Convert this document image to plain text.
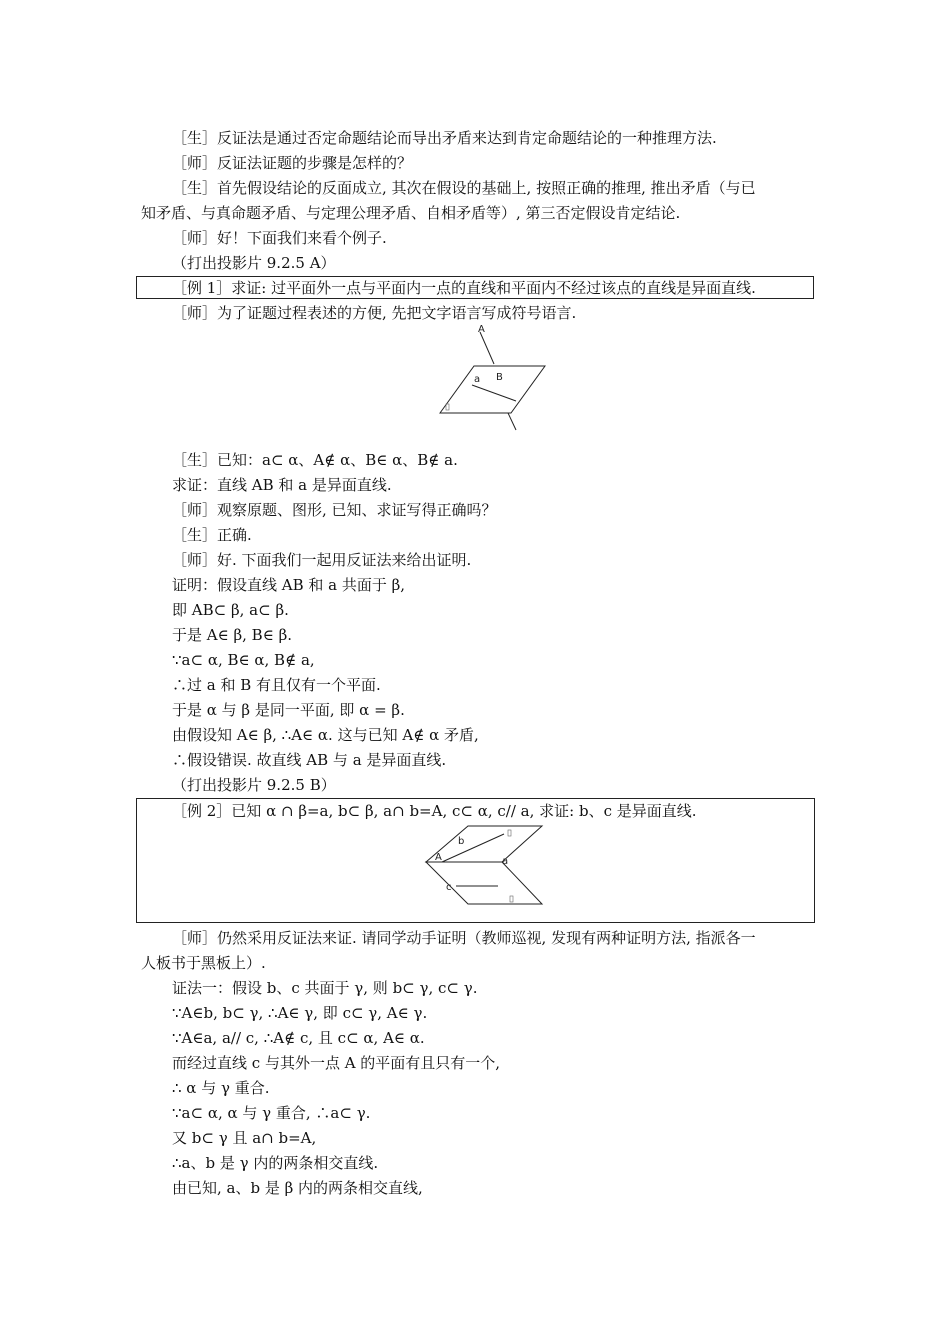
［生］反证法是通过否定命题结论而导出矛盾来达到肯定命题结论的一种推理方法.
［师］反证法证题的步骤是怎样的？
［生］首先假设结论的反面成立, 其次在假设的基础上, 按照正确的推理, 推出矛盾（与已
知矛盾、与真命题矛盾、与定理公理矛盾、自相矛盾等）, 第三否定假设肯定结论.
［师］好！下面我们来看个例子.
（打出投影片 9.2.5 A）
［例 1］求证: 过平面外一点与平面内一点的直线和平面内不经过该点的直线是异面直线.
［师］为了证题过程表述的方便, 先把文字语言写成符号语言.
A
B
a
［生］已知：a⊂ α、A∉ α、B∈ α、B∉ a.
求证：直线 AB 和 a 是异面直线.
［师］观察原题、图形, 已知、求证写得正确吗？
［生］正确.
［师］好. 下面我们一起用反证法来给出证明.
证明：假设直线 AB 和 a 共面于 β,
即 AB⊂ β, a⊂ β.
于是 A∈ β, B∈ β.
∵a⊂ α, B∈ α, B∉ a,
∴过 a 和 B 有且仅有一个平面.
于是 α 与 β 是同一平面, 即 α = β.
由假设知 A∈ β, ∴A∈ α. 这与已知 A∉ α 矛盾,
∴假设错误. 故直线 AB 与 a 是异面直线.
（打出投影片 9.2.5 B）
［例 2］已知 α ∩ β=a, b⊂ β, a∩ b=A, c⊂ α, c// a, 求证: b、c 是异面直线.
A
b
a
c
［师］仍然采用反证法来证. 请同学动手证明（教师巡视, 发现有两种证明方法, 指派各一
人板书于黑板上）.
证法一：假设 b、c 共面于 γ, 则 b⊂ γ, c⊂ γ.
∵A∈b, b⊂ γ, ∴A∈ γ, 即 c⊂ γ, A∈ γ.
∵A∈a, a// c, ∴A∉ c, 且 c⊂ α, A∈ α.
而经过直线 c 与其外一点 A 的平面有且只有一个,
∴ α 与 γ 重合.
∵a⊂ α, α 与 γ 重合, ∴a⊂ γ.
又 b⊂ γ 且 a∩ b=A,
∴a、b 是 γ 内的两条相交直线.
由已知, a、b 是 β 内的两条相交直线,
